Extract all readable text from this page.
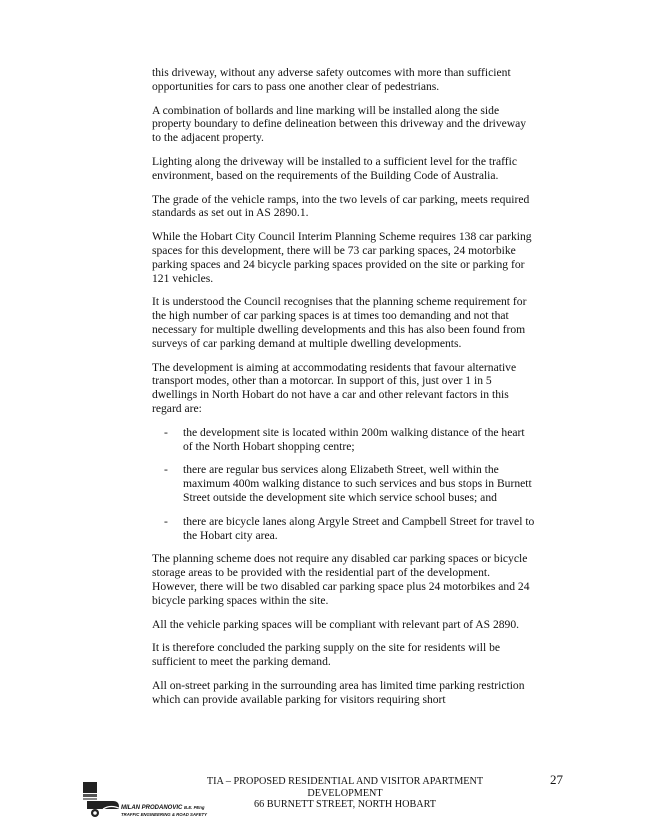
this driveway, without any adverse safety outcomes with more than sufficient opportunities for cars to pass one another clear of pedestrians.

A combination of bollards and line marking will be installed along the side property boundary to define delineation between this driveway and the driveway to the adjacent property.

Lighting along the driveway will be installed to a sufficient level for the traffic environment, based on the requirements of the Building Code of Australia.

The grade of the vehicle ramps, into the two levels of car parking, meets required standards as set out in AS 2890.1.

While the Hobart City Council Interim Planning Scheme requires 138 car parking spaces for this development, there will be 73 car parking spaces, 24 motorbike parking spaces and 24 bicycle parking spaces provided on the site or parking for 121 vehicles.

It is understood the Council recognises that the planning scheme requirement for the high number of car parking spaces is at times too demanding and not that necessary for multiple dwelling developments and this has also been found from surveys of car parking demand at multiple dwelling developments.

The development is aiming at accommodating residents that favour alternative transport modes, other than a motorcar. In support of this, just over 1 in 5 dwellings in North Hobart do not have a car and other relevant factors in this regard are:

- the development site is located within 200m walking distance of the heart of the North Hobart shopping centre;
- there are regular bus services along Elizabeth Street, well within the maximum 400m walking distance to such services and bus stops in Burnett Street outside the development site which service school buses; and
- there are bicycle lanes along Argyle Street and Campbell Street for travel to the Hobart city area.

The planning scheme does not require any disabled car parking spaces or bicycle storage areas to be provided with the residential part of the development. However, there will be two disabled car parking space plus 24 motorbikes and 24 bicycle parking spaces within the site.

All the vehicle parking spaces will be compliant with relevant part of AS 2890.

It is therefore concluded the parking supply on the site for residents will be sufficient to meet the parking demand.

All on-street parking in the surrounding area has limited time parking restriction which can provide available parking for visitors requiring short

MILAN PRODANOVIC B.E. PEng
TRAFFIC ENGINEERING & ROAD SAFETY
TIA – PROPOSED RESIDENTIAL AND VISITOR APARTMENT
DEVELOPMENT
66 BURNETT STREET, NORTH HOBART
27
